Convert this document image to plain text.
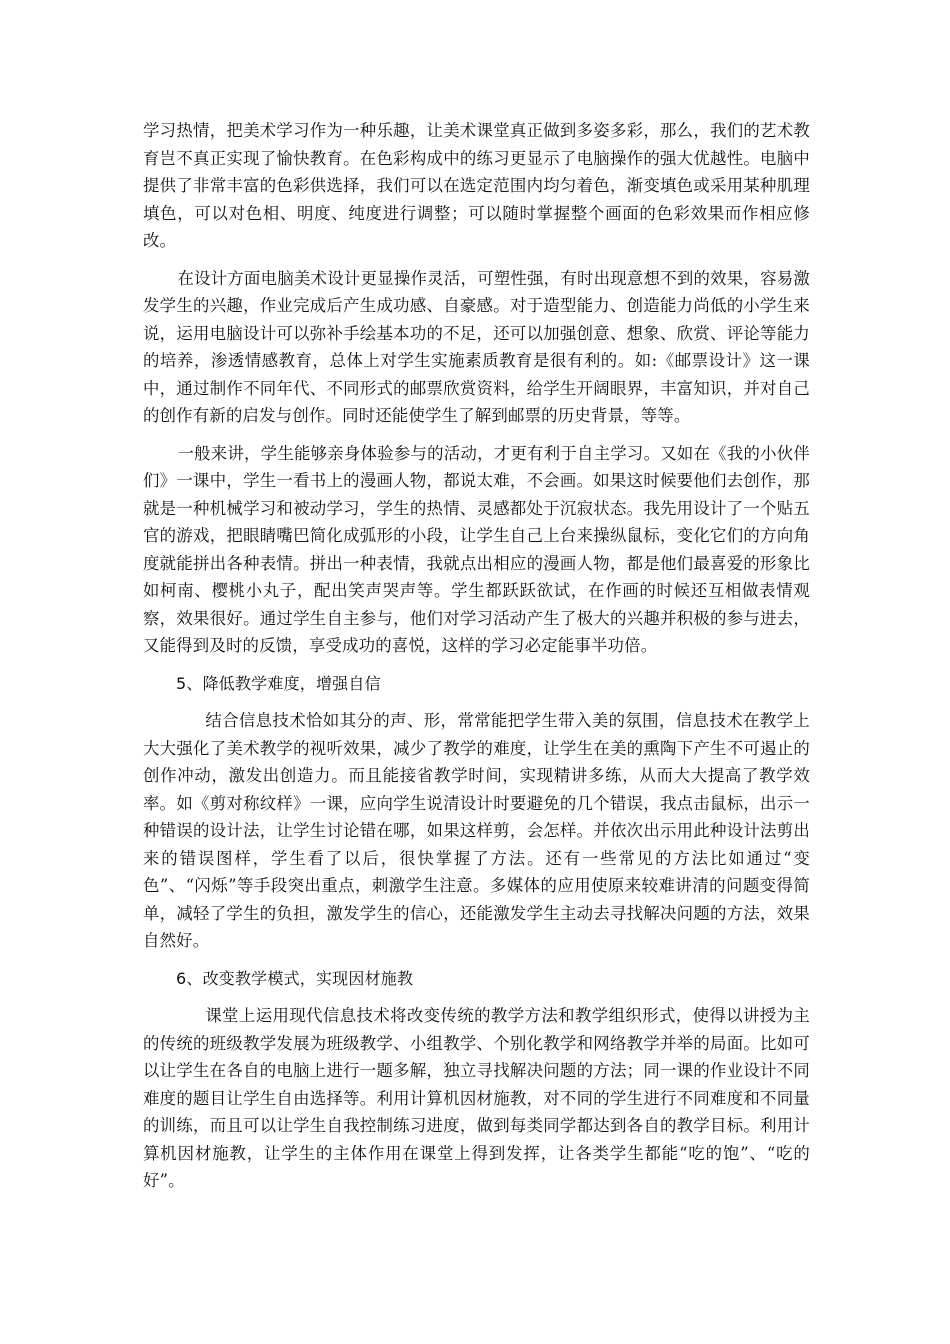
学习热情，把美术学习作为一种乐趣，让美术课堂真正做到多姿多彩，那么，我们的艺术教育岂不真正实现了愉快教育。在色彩构成中的练习更显示了电脑操作的强大优越性。电脑中提供了非常丰富的色彩供选择，我们可以在选定范围内均匀着色，渐变填色或采用某种肌理填色，可以对色相、明度、纯度进行调整；可以随时掌握整个画面的色彩效果而作相应修改。

在设计方面电脑美术设计更显操作灵活，可塑性强，有时出现意想不到的效果，容易激发学生的兴趣，作业完成后产生成功感、自豪感。对于造型能力、创造能力尚低的小学生来说，运用电脑设计可以弥补手绘基本功的不足，还可以加强创意、想象、欣赏、评论等能力的培养，渗透情感教育，总体上对学生实施素质教育是很有利的。如:《邮票设计》这一课中，通过制作不同年代、不同形式的邮票欣赏资料，给学生开阔眼界，丰富知识，并对自己的创作有新的启发与创作。同时还能使学生了解到邮票的历史背景，等等。

一般来讲，学生能够亲身体验参与的活动，才更有利于自主学习。又如在《我的小伙伴们》一课中，学生一看书上的漫画人物，都说太难，不会画。如果这时候要他们去创作，那就是一种机械学习和被动学习，学生的热情、灵感都处于沉寂状态。我先用设计了一个贴五官的游戏，把眼睛嘴巴简化成弧形的小段，让学生自己上台来操纵鼠标，变化它们的方向角度就能拼出各种表情。拼出一种表情，我就点出相应的漫画人物，都是他们最喜爱的形象比如柯南、樱桃小丸子，配出笑声哭声等。学生都跃跃欲试，在作画的时候还互相做表情观察，效果很好。通过学生自主参与，他们对学习活动产生了极大的兴趣并积极的参与进去，又能得到及时的反馈，享受成功的喜悦，这样的学习必定能事半功倍。

5、降低教学难度，增强自信

结合信息技术恰如其分的声、形，常常能把学生带入美的氛围，信息技术在教学上大大强化了美术教学的视听效果，减少了教学的难度，让学生在美的熏陶下产生不可遏止的创作冲动，激发出创造力。而且能接省教学时间，实现精讲多练，从而大大提高了教学效率。如《剪对称纹样》一课，应向学生说清设计时要避免的几个错误，我点击鼠标，出示一种错误的设计法，让学生讨论错在哪，如果这样剪，会怎样。并依次出示用此种设计法剪出来的错误图样，学生看了以后，很快掌握了方法。还有一些常见的方法比如通过“变色”、“闪烁”等手段突出重点，刺激学生注意。多媒体的应用使原来较难讲清的问题变得简单，减轻了学生的负担，激发学生的信心，还能激发学生主动去寻找解决问题的方法，效果自然好。

6、改变教学模式，实现因材施教

课堂上运用现代信息技术将改变传统的教学方法和教学组织形式，使得以讲授为主的传统的班级教学发展为班级教学、小组教学、个别化教学和网络教学并举的局面。比如可以让学生在各自的电脑上进行一题多解，独立寻找解决问题的方法；同一课的作业设计不同难度的题目让学生自由选择等。利用计算机因材施教，对不同的学生进行不同难度和不同量的训练，而且可以让学生自我控制练习进度，做到每类同学都达到各自的教学目标。利用计算机因材施教，让学生的主体作用在课堂上得到发挥，让各类学生都能“吃的饱”、“吃的好”。
